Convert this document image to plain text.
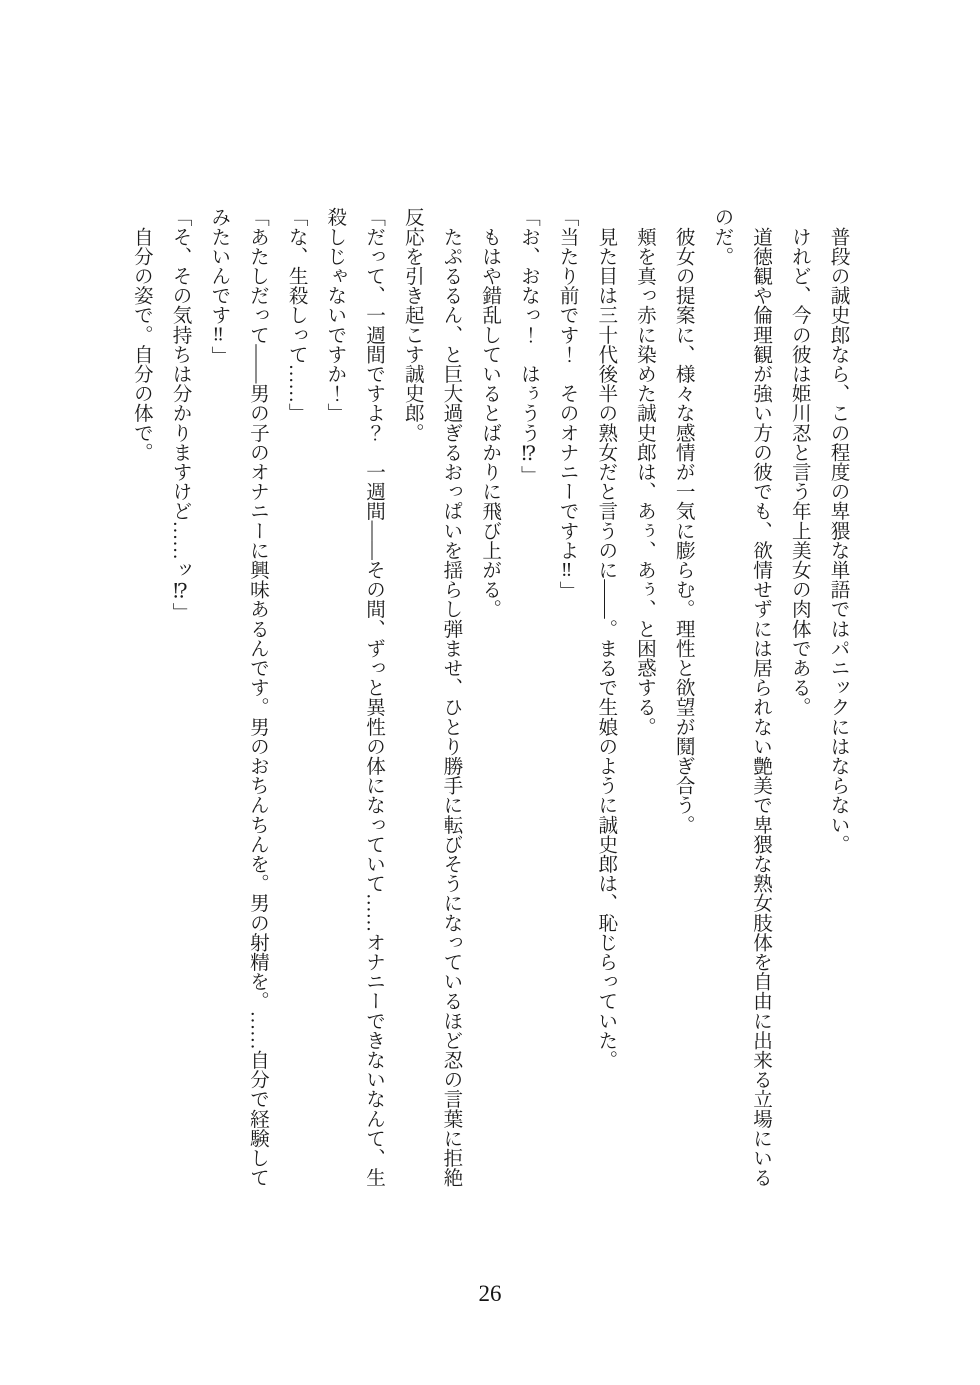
　普段の誠史郎なら、この程度の卑猥な単語ではパニックにはならない。

　けれど、今の彼は姫川忍と言う年上美女の肉体である。

　道徳観や倫理観が強い方の彼でも、欲情せずには居られない艶美で卑猥な熟女肢体を自由に出来る立場にいるのだ。

　彼女の提案に、様々な感情が一気に膨らむ。理性と欲望が鬩ぎ合う。

　頬を真っ赤に染めた誠史郎は、あぅ、あぅ、と困惑する。

　見た目は三十代後半の熟女だと言うのに――。まるで生娘のように誠史郎は、恥じらっていた。

「当たり前です！　そのオナニーですよ‼」

「お、おなっ！　はぅうう⁉」

　もはや錯乱しているとばかりに飛び上がる。

　たぷるるん、と巨大過ぎるおっぱいを揺らし弾ませ、ひとり勝手に転びそうになっているほど忍の言葉に拒絶反応を引き起こす誠史郎。

「だって、一週間ですよ？　一週間――その間、ずっと異性の体になっていて……オナニーできないなんて、生殺しじゃないですか！」

「な、生殺しって……」

「あたしだって――男の子のオナニーに興味あるんです。男のおちんちんを。男の射精を。……自分で経験してみたいんです‼」

「そ、その気持ちは分かりますけど……ッ⁉」

　自分の姿で。自分の体で。

26
